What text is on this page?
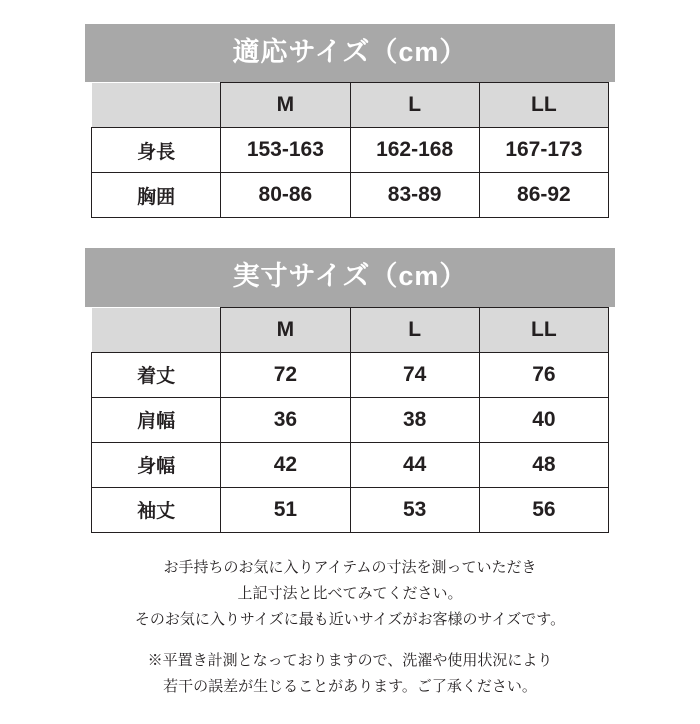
適応サイズ（cm）
	M	L	LL
身長	153-163	162-168	167-173
胸囲	80-86	83-89	86-92
実寸サイズ（cm）
	M	L	LL
着丈	72	74	76
肩幅	36	38	40
身幅	42	44	48
袖丈	51	53	56
お手持ちのお気に入りアイテムの寸法を測っていただき
上記寸法と比べてみてください。
そのお気に入りサイズに最も近いサイズがお客様のサイズです。
※平置き計測となっておりますので、洗濯や使用状況により
若干の誤差が生じることがあります。ご了承ください。
